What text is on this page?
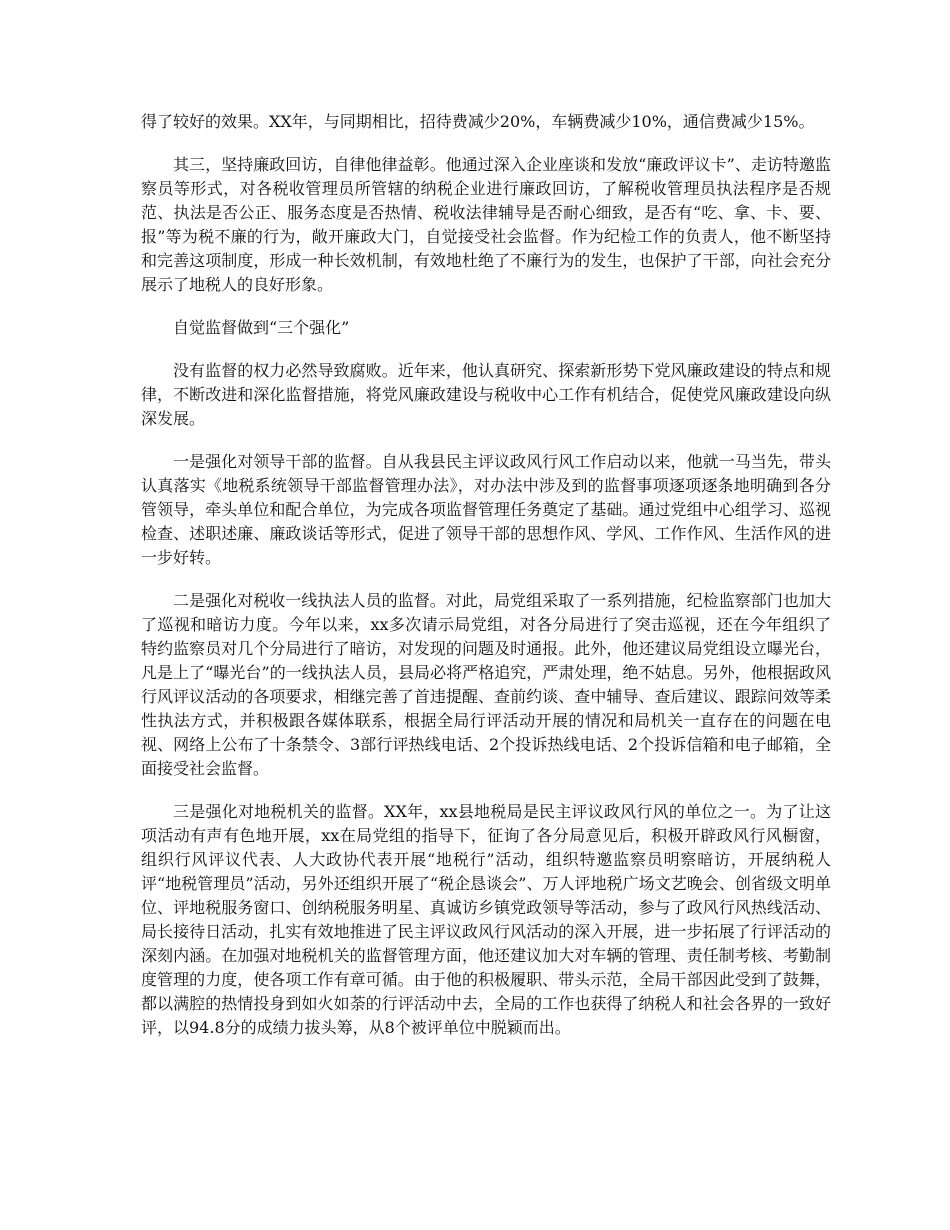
得了较好的效果。XX年，与同期相比，招待费减少20%，车辆费减少10%，通信费减少15%。

其三，坚持廉政回访，自律他律益彰。他通过深入企业座谈和发放“廉政评议卡”、走访特邀监察员等形式，对各税收管理员所管辖的纳税企业进行廉政回访，了解税收管理员执法程序是否规范、执法是否公正、服务态度是否热情、税收法律辅导是否耐心细致，是否有“吃、拿、卡、要、报”等为税不廉的行为，敞开廉政大门，自觉接受社会监督。作为纪检工作的负责人，他不断坚持和完善这项制度，形成一种长效机制，有效地杜绝了不廉行为的发生，也保护了干部，向社会充分展示了地税人的良好形象。

自觉监督做到“三个强化”

没有监督的权力必然导致腐败。近年来，他认真研究、探索新形势下党风廉政建设的特点和规律，不断改进和深化监督措施，将党风廉政建设与税收中心工作有机结合，促使党风廉政建设向纵深发展。

一是强化对领导干部的监督。自从我县民主评议政风行风工作启动以来，他就一马当先，带头认真落实《地税系统领导干部监督管理办法》，对办法中涉及到的监督事项逐项逐条地明确到各分管领导，牵头单位和配合单位，为完成各项监督管理任务奠定了基础。通过党组中心组学习、巡视检查、述职述廉、廉政谈话等形式，促进了领导干部的思想作风、学风、工作作风、生活作风的进一步好转。

二是强化对税收一线执法人员的监督。对此，局党组采取了一系列措施，纪检监察部门也加大了巡视和暗访力度。今年以来，xx多次请示局党组，对各分局进行了突击巡视，还在今年组织了特约监察员对几个分局进行了暗访，对发现的问题及时通报。此外，他还建议局党组设立曝光台，凡是上了“曝光台”的一线执法人员，县局必将严格追究，严肃处理，绝不姑息。另外，他根据政风行风评议活动的各项要求，相继完善了首违提醒、查前约谈、查中辅导、查后建议、跟踪问效等柔性执法方式，并积极跟各媒体联系，根据全局行评活动开展的情况和局机关一直存在的问题在电视、网络上公布了十条禁令、3部行评热线电话、2个投诉热线电话、2个投诉信箱和电子邮箱，全面接受社会监督。

三是强化对地税机关的监督。XX年，xx县地税局是民主评议政风行风的单位之一。为了让这项活动有声有色地开展，xx在局党组的指导下，征询了各分局意见后，积极开辟政风行风橱窗，组织行风评议代表、人大政协代表开展“地税行”活动，组织特邀监察员明察暗访，开展纳税人评“地税管理员”活动，另外还组织开展了“税企恳谈会”、万人评地税广场文艺晚会、创省级文明单位、评地税服务窗口、创纳税服务明星、真诚访乡镇党政领导等活动，参与了政风行风热线活动、局长接待日活动，扎实有效地推进了民主评议政风行风活动的深入开展，进一步拓展了行评活动的深刻内涵。在加强对地税机关的监督管理方面，他还建议加大对车辆的管理、责任制考核、考勤制度管理的力度，使各项工作有章可循。由于他的积极履职、带头示范，全局干部因此受到了鼓舞，都以满腔的热情投身到如火如荼的行评活动中去，全局的工作也获得了纳税人和社会各界的一致好评，以94.8分的成绩力拔头筹，从8个被评单位中脱颖而出。
